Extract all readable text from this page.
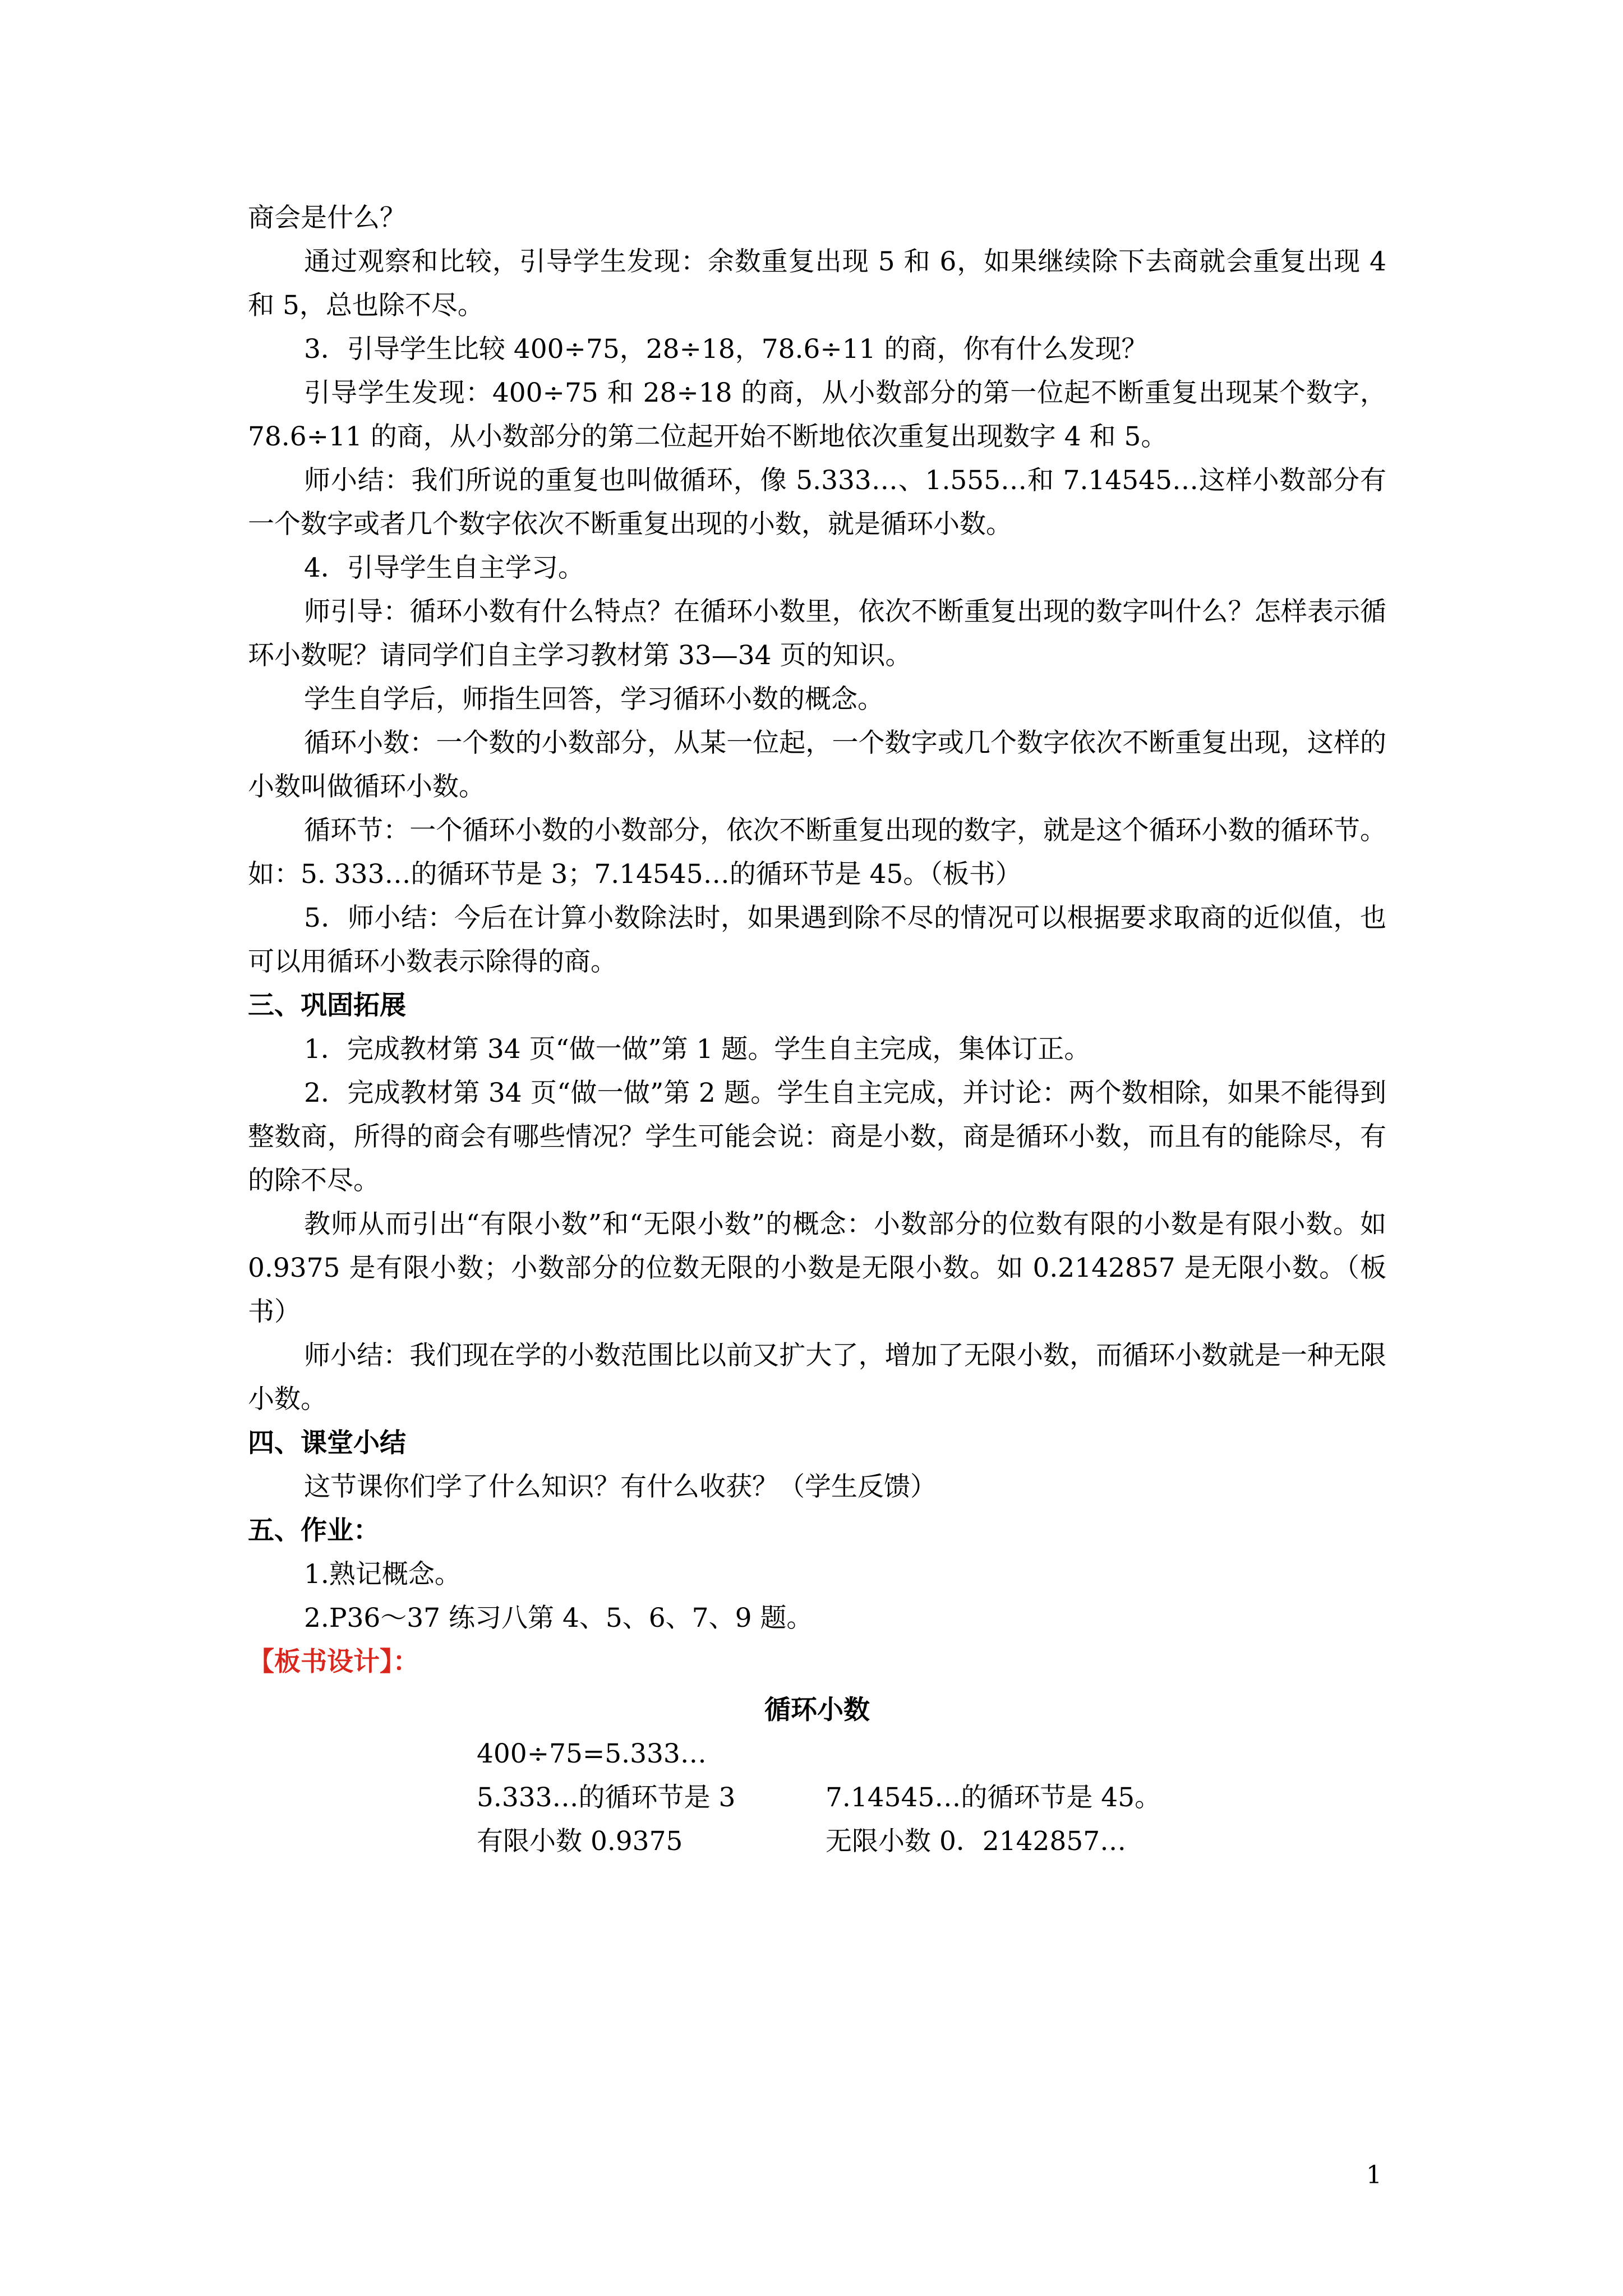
商会是什么？

通过观察和比较，引导学生发现：余数重复出现 5 和 6，如果继续除下去商就会重复出现 4 和 5，总也除不尽。

3．引导学生比较 400÷75，28÷18，78.6÷11 的商，你有什么发现？

引导学生发现：400÷75 和 28÷18 的商，从小数部分的第一位起不断重复出现某个数字，78.6÷11 的商，从小数部分的第二位起开始不断地依次重复出现数字 4 和 5。

师小结：我们所说的重复也叫做循环，像 5.333…、1.555…和 7.14545…这样小数部分有一个数字或者几个数字依次不断重复出现的小数，就是循环小数。

4．引导学生自主学习。

师引导：循环小数有什么特点？在循环小数里，依次不断重复出现的数字叫什么？怎样表示循环小数呢？请同学们自主学习教材第 33—34 页的知识。

学生自学后，师指生回答，学习循环小数的概念。

循环小数：一个数的小数部分，从某一位起，一个数字或几个数字依次不断重复出现，这样的小数叫做循环小数。

循环节：一个循环小数的小数部分，依次不断重复出现的数字，就是这个循环小数的循环节。如：5. 333…的循环节是 3；7.14545…的循环节是 45。（板书）

5．师小结：今后在计算小数除法时，如果遇到除不尽的情况可以根据要求取商的近似值，也可以用循环小数表示除得的商。

三、巩固拓展

1．完成教材第 34 页“做一做”第 1 题。学生自主完成，集体订正。

2．完成教材第 34 页“做一做”第 2 题。学生自主完成，并讨论：两个数相除，如果不能得到整数商，所得的商会有哪些情况？学生可能会说：商是小数，商是循环小数，而且有的能除尽，有的除不尽。

教师从而引出“有限小数”和“无限小数”的概念：小数部分的位数有限的小数是有限小数。如 0.9375 是有限小数；小数部分的位数无限的小数是无限小数。如 0.2142857 是无限小数。（板书）

师小结：我们现在学的小数范围比以前又扩大了，增加了无限小数，而循环小数就是一种无限小数。

四、课堂小结

这节课你们学了什么知识？有什么收获？（学生反馈）

五、作业：

1.熟记概念。

2.P36～37 练习八第 4、5、6、7、9 题。

【板书设计】：

循环小数

400÷75=5.333…
5.333…的循环节是 3	7.14545…的循环节是 45。
有限小数 0.9375	无限小数 0．2142857…
1
